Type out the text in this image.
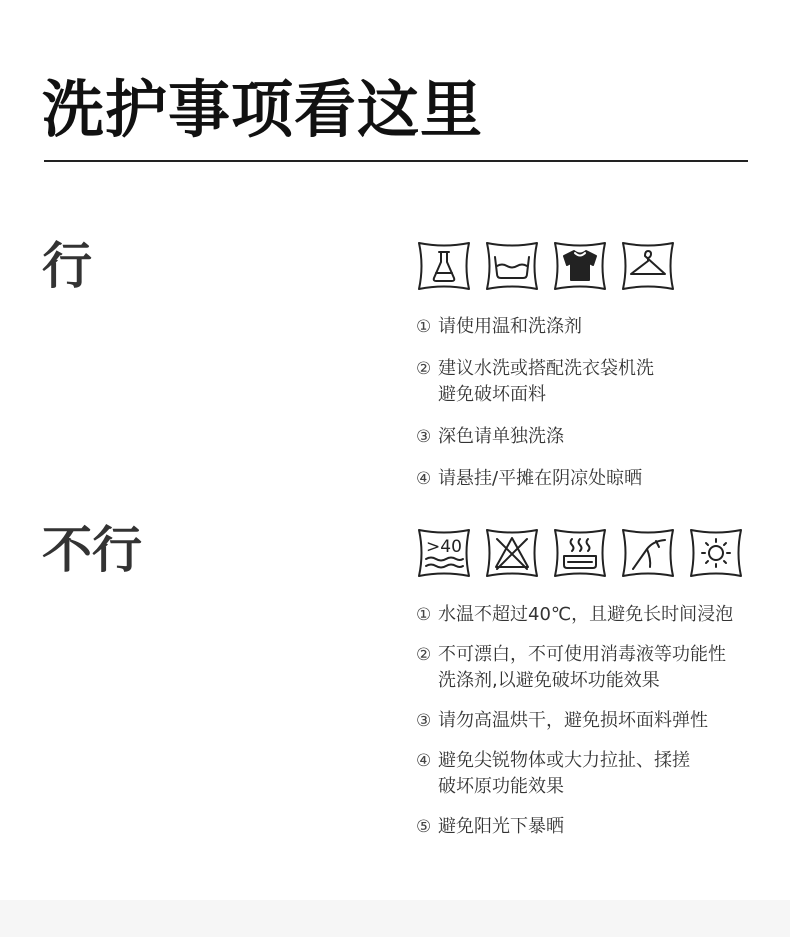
洗护事项看这里
行
① 请使用温和洗涤剂
② 建议水洗或搭配洗衣袋机洗
避免破坏面料
③ 深色请单独洗涤
④ 请悬挂/平摊在阴凉处晾晒
不行	>40
① 水温不超过40℃，且避免长时间浸泡
② 不可漂白，不可使用消毒液等功能性
洗涤剂,以避免破坏功能效果
③ 请勿高温烘干，避免损坏面料弹性
④ 避免尖锐物体或大力拉扯、揉搓
破坏原功能效果
⑤ 避免阳光下暴晒
